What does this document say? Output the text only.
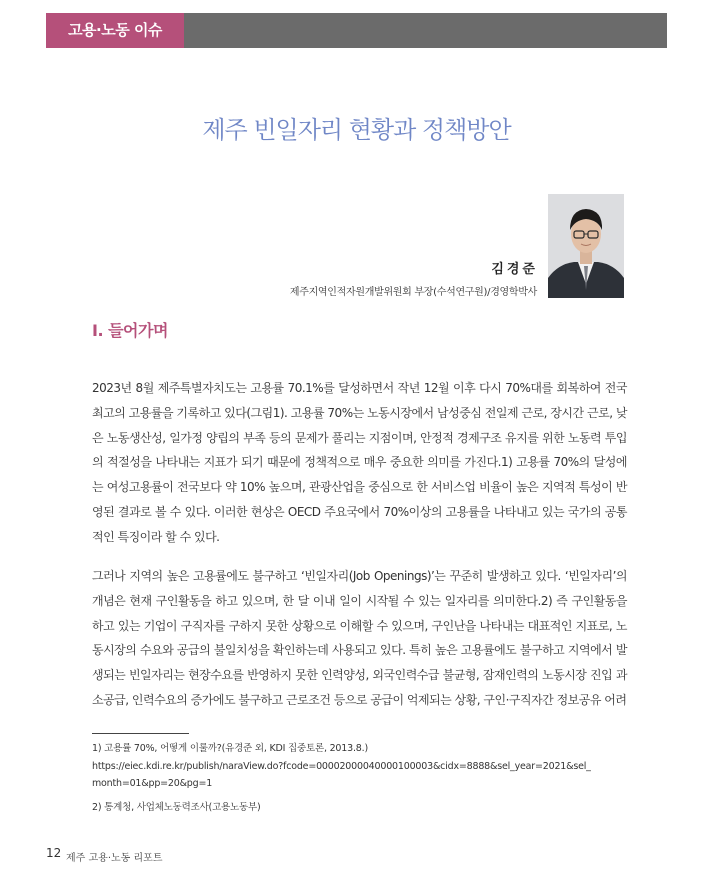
고용·노동 이슈
제주 빈일자리 현황과 정책방안
김경준
제주지역인적자원개발위원회 부장(수석연구원)/경영학박사
Ⅰ. 들어가며

2023년 8월 제주특별자치도는 고용률 70.1%를 달성하면서 작년 12월 이후 다시 70%대를 회복하여 전국 최고의 고용률을 기록하고 있다(그림1). 고용률 70%는 노동시장에서 남성중심 전일제 근로, 장시간 근로, 낮은 노동생산성, 일가정 양립의 부족 등의 문제가 풀리는 지점이며, 안정적 경제구조 유지를 위한 노동력 투입의 적절성을 나타내는 지표가 되기 때문에 정책적으로 매우 중요한 의미를 가진다.1) 고용률 70%의 달성에는 여성고용률이 전국보다 약 10% 높으며, 관광산업을 중심으로 한 서비스업 비율이 높은 지역적 특성이 반영된 결과로 볼 수 있다. 이러한 현상은 OECD 주요국에서 70%이상의 고용률을 나타내고 있는 국가의 공통적인 특징이라 할 수 있다.

그러나 지역의 높은 고용률에도 불구하고 ‘빈일자리(Job Openings)’는 꾸준히 발생하고 있다. ‘빈일자리’의 개념은 현재 구인활동을 하고 있으며, 한 달 이내 일이 시작될 수 있는 일자리를 의미한다.2) 즉 구인활동을 하고 있는 기업이 구직자를 구하지 못한 상황으로 이해할 수 있으며, 구인난을 나타내는 대표적인 지표로, 노동시장의 수요와 공급의 불일치성을 확인하는데 사용되고 있다. 특히 높은 고용률에도 불구하고 지역에서 발생되는 빈일자리는 현장수요를 반영하지 못한 인력양성, 외국인력수급 불균형, 잠재인력의 노동시장 진입 과소공급, 인력수요의 증가에도 불구하고 근로조건 등으로 공급이 억제되는 상황, 구인·구직자간 정보공유 어려

1) 고용률 70%, 어떻게 이룰까?(유경준 외, KDI 집중토론, 2013.8.)
https://eiec.kdi.re.kr/publish/naraView.do?fcode=00002000040000100003&cidx=8888&sel_year=2021&sel_
month=01&pp=20&pg=1
2) 통계청, 사업체노동력조사(고용노동부)
12 제주 고용·노동 리포트
